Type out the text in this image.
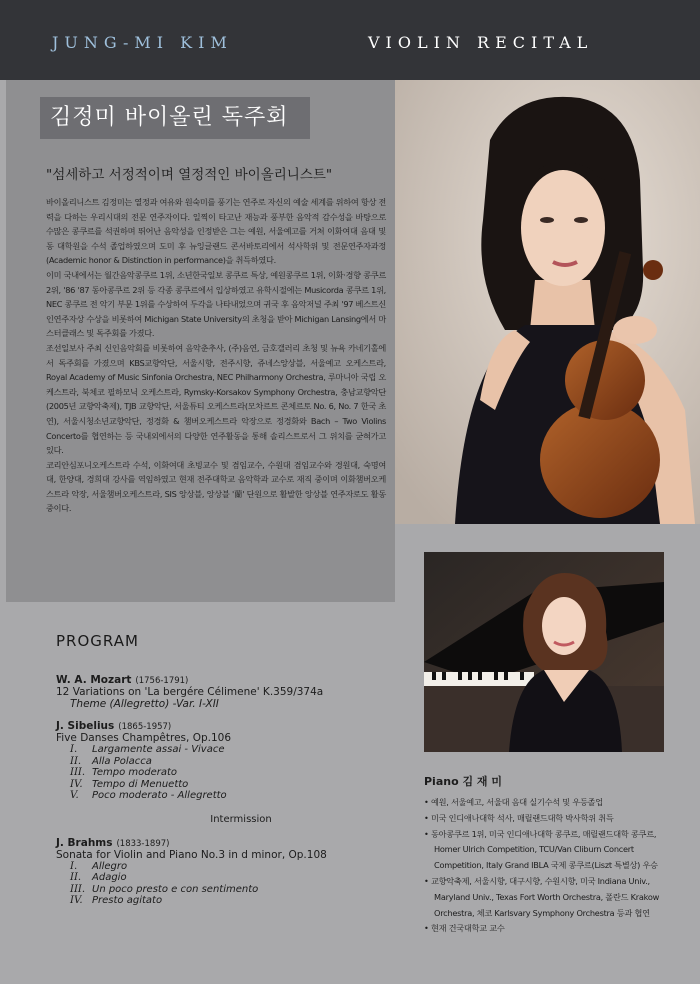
JUNG-MI KIM	VIOLIN RECITAL
김정미 바이올린 독주회
"섬세하고 서정적이며 열정적인 바이올리니스트"

바이올리니스트 김정미는 열정과 여유와 원숙미를 풍기는 연주로 자신의 예술 세계를 위하여 항상 전력을 다하는 우리시대의 전문 연주자이다. 일찍이 타고난 재능과 풍부한 음악적 감수성을 바탕으로 수많은 콩쿠르를 석권하며 뛰어난 음악성을 인정받은 그는 예원, 서울예고를 거쳐 이화여대 음대 및 동 대학원을 수석 졸업하였으며 도미 후 뉴잉글랜드 콘서바토리에서 석사학위 및 전문연주자과정 (Academic honor & Distinction in performance)을 취득하였다.

이미 국내에서는 월간음악콩쿠르 1위, 소년한국일보 콩쿠르 특상, 예원콩쿠르 1위, 이화·경향 콩쿠르 2위, '86 '87 동아콩쿠르 2위 등 각종 콩쿠르에서 입상하였고 유학시절에는 Musicorda 콩쿠르 1위, NEC 콩쿠르 전 악기 부문 1위를 수상하여 두각을 나타내었으며 귀국 후 음악저널 주최 '97 베스트신인연주자상 수상을 비롯하여 Michigan State University의 초청을 받아 Michigan Lansing에서 마스터클래스 및 독주회를 가졌다.

조선일보사 주최 신인음악회를 비롯하여 음악춘추사, (주)음연, 금호갤러리 초청 및 뉴욕 카네기홀에서 독주회를 가졌으며 KBS교향악단, 서울시향, 전주시향, 쥬네스앙상블, 서울예고 오케스트라, Royal Academy of Music Sinfonia Orchestra, NEC Philharmony Orchestra, 루마니아 국립 오케스트라, 북체코 필하모닉 오케스트라, Rymsky-Korsakov Symphony Orchestra, 충남교향악단(2005년 교향악축제), TJB 교향악단, 서울튜티 오케스트라(모차르트 콘체르토 No. 6, No. 7 한국 초연), 서울시청소년교향악단, 정경화 & 챔버오케스트라 악장으로 정경화와 Bach – Two Violins Concerto를 협연하는 등 국내외에서의 다양한 연주활동을 통해 솔리스트로서 그 위치를 굳혀가고 있다.

코리안심포니오케스트라 수석, 이화여대 초빙교수 및 겸임교수, 수원대 겸임교수와 경원대, 숙명여대, 한양대, 경희대 강사를 역임하였고 현재 전주대학교 음악학과 교수로 재직 중이며 이화챔버오케스트라 악장, 서울챔버오케스트라, SIS 앙상블, 앙상블 '蘭' 단원으로 활발한 앙상블 연주자로도 활동 중이다.

PROGRAM
W. A. Mozart (1756-1791)
12 Variations on 'La bergére Célimene' K.359/374a
Theme (Allegretto) -Var. I-XII
J. Sibelius (1865-1957)
Five Danses Champêtres, Op.106
I. Largamente assai - Vivace
II. Alla Polacca
III. Tempo moderato
IV. Tempo di Menuetto
V. Poco moderato - Allegretto
Intermission
J. Brahms (1833-1897)
Sonata for Violin and Piano No.3 in d minor, Op.108
I. Allegro
II. Adagio
III. Un poco presto e con sentimento
IV. Presto agitato
Piano 김 재 미
• 예원, 서울예고, 서울대 음대 실기수석 및 우등졸업
• 미국 인디애나대학 석사, 매릴랜드대학 박사학위 취득
• 동아콩쿠르 1위, 미국 인디애나대학 콩쿠르, 매릴랜드대학 콩쿠르, Homer Ulrich Competition, TCU/Van Cliburn Concert Competition, Italy Grand IBLA 국제 콩쿠르(Liszt 특별상) 우승
• 교향악축제, 서울시향, 대구시향, 수원시향, 미국 Indiana Univ., Maryland Univ., Texas Fort Worth Orchestra, 폴란드 Krakow Orchestra, 체코 Karlsvary Symphony Orchestra 등과 협연
• 현재 건국대학교 교수
